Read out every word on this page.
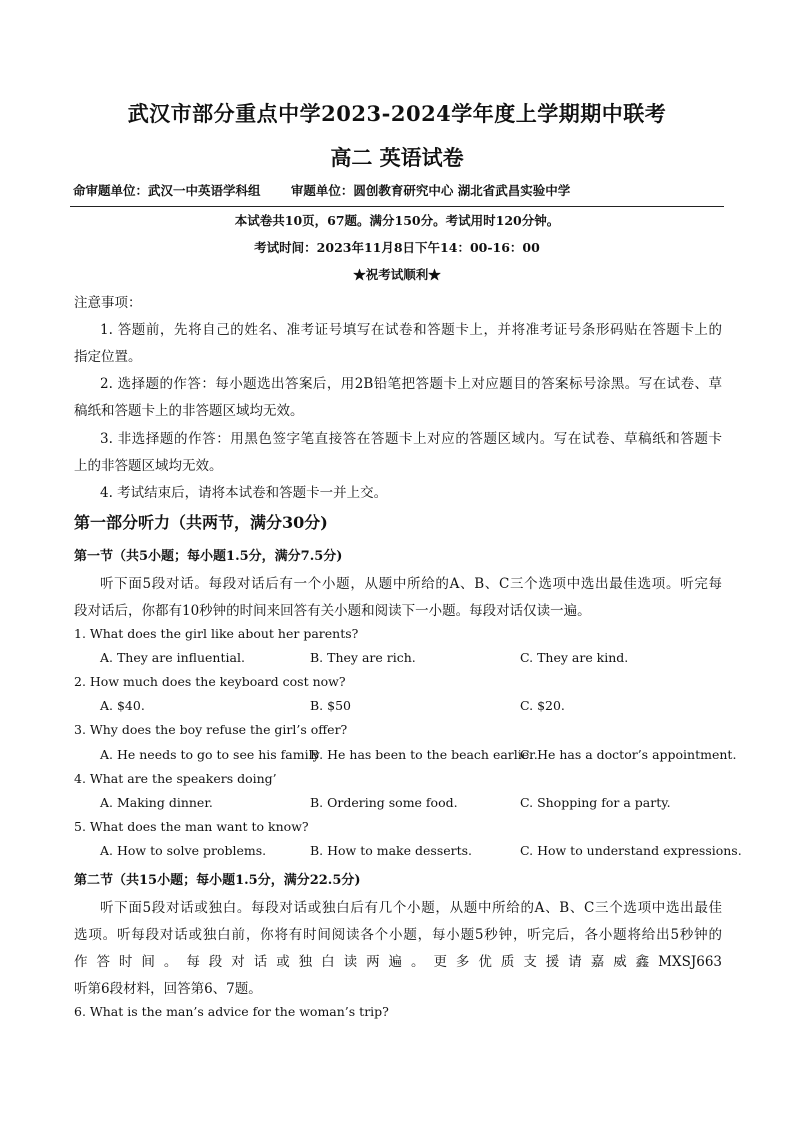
武汉市部分重点中学2023-2024学年度上学期期中联考
高二 英语试卷
命审题单位：武汉一中英语学科组 审题单位：圆创教育研究中心 湖北省武昌实验中学
本试卷共10页，67题。满分150分。考试用时120分钟。
考试时间：2023年11月8日下午14：00-16：00
★祝考试顺利★
注意事项：
1. 答题前，先将自己的姓名、准考证号填写在试卷和答题卡上，并将准考证号条形码贴在答题卡上的
指定位置。
2. 选择题的作答：每小题选出答案后，用2B铅笔把答题卡上对应题目的答案标号涂黑。写在试卷、草
稿纸和答题卡上的非答题区域均无效。
3. 非选择题的作答：用黑色签字笔直接答在答题卡上对应的答题区域内。写在试卷、草稿纸和答题卡
上的非答题区域均无效。
4. 考试结束后，请将本试卷和答题卡一并上交。
第一部分听力（共两节，满分30分)
第一节（共5小题；每小题1.5分，满分7.5分)
听下面5段对话。每段对话后有一个小题，从题中所给的A、B、C三个选项中选出最佳选项。听完每
段对话后，你都有10秒钟的时间来回答有关小题和阅读下一小题。每段对话仅读一遍。
1. What does the girl like about her parents?
A. They are influential.	B. They are rich.	C. They are kind.
2. How much does the keyboard cost now?
A. $40.	B. $50	C. $20.
3. Why does the boy refuse the girl’s offer?
A. He needs to go to see his family
B. He has been to the beach earlier.
C. He has a doctor’s appointment.
4. What are the speakers doing’
A. Making dinner.	B. Ordering some food.	C. Shopping for a party.
5. What does the man want to know?
A. How to solve problems.	B. How to make desserts.	C. How to understand expressions.
第二节（共15小题；每小题1.5分，满分22.5分)
听下面5段对话或独白。每段对话或独白后有几个小题，从题中所给的A、B、C三个选项中选出最佳
选项。听每段对话或独白前，你将有时间阅读各个小题，每小题5秒钟，听完后，各小题将给出5秒钟的
作 答 时 间 。 每 段 对 话 或 独 白 读 两 遍 。 更 多 优 质 支 援 请 嘉 威 鑫 MXSJ663
听第6段材料，回答第6、7题。
6. What is the man’s advice for the woman’s trip?
